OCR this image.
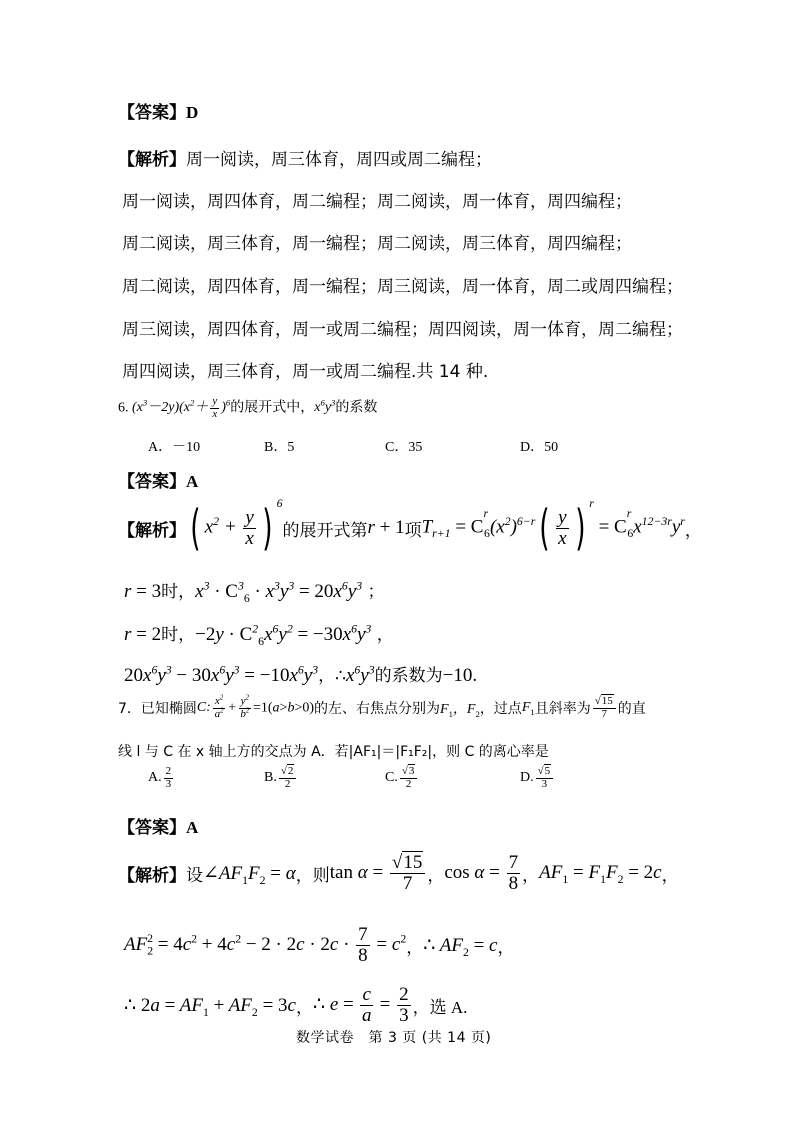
【答案】D
【解析】周一阅读，周三体育，周四或周二编程；
周一阅读，周四体育，周二编程；周二阅读，周一体育，周四编程；
周二阅读，周三体育，周一编程；周二阅读，周三体育，周四编程；
周二阅读，周四体育，周一编程；周三阅读，周一体育，周二或周四编程；
周三阅读，周四体育，周一或周二编程；周四阅读，周一体育，周二编程；
周四阅读，周三体育，周一或周二编程.共 14 种.
6. $(x^3-2y)(x^2+ \frac{y}{x} )^6$的展开式中，$x^6y^3$的系数
A．－10	B．5	C．35	D．50
【答案】A
【解析】 ( $x^2 + \frac{y}{x}$ ) $^6$
的展开式第 r + 1 项 $T_{r+1} = C^r_6(x^2)^{6-r}( \frac{y}{x}$ ) $^r = C^r_6x^{12-3r}y^r$ ，
r = 3时，$x^3 \cdot C^3_6 \cdot x^3y^3 = 20x^6y^3$ ；
r = 2时，$-2y \cdot C^2_6x^6y^2 = -30x^6y^3$ ，
$20x^6y^3 - 30x^6y^3 = -10x^6y^3$，$\therefore x^6y^3$的系数为−10.
7．已知椭圆 C: $\frac{x^2}{a^2} + \frac{y^2}{b^2} =1(a>b>0)$ 的左、右焦点分别为 $F_1$，$F_2$ ，过点 $F_1$ 且斜率为 $\frac{√15}{7}$ 的直
线 l 与 C 在 x 轴上方的交点为 A．若|AF₁|＝|F₁F₂|，则 C 的离心率是
A. $\frac{2}{3}$	B. $\frac{√2}{2}$	C. $\frac{√3}{2}$	D. $\frac{√5}{3}$
【答案】A
【解析】 设 $\angle AF_1F_2 = \alpha$ ，则 $\tan \alpha = \frac{√15}{7}$ ， $\cos \alpha = \frac{7}{8}$ ， $AF_1 = F_1F_2 = 2c$ ，
$AF_2^2 = 4c^2 + 4c^2 - 2 \cdot 2c \cdot 2c \cdot \frac{7}{8} = c^2$ ， ∴ $AF_2 = c$ ，
∴ $2a = AF_1 + AF_2 = 3c$ ， ∴ $e = \frac{c}{a} = \frac{2}{3}$ ，选 A.
数学试卷　第 3 页 (共 14 页)
